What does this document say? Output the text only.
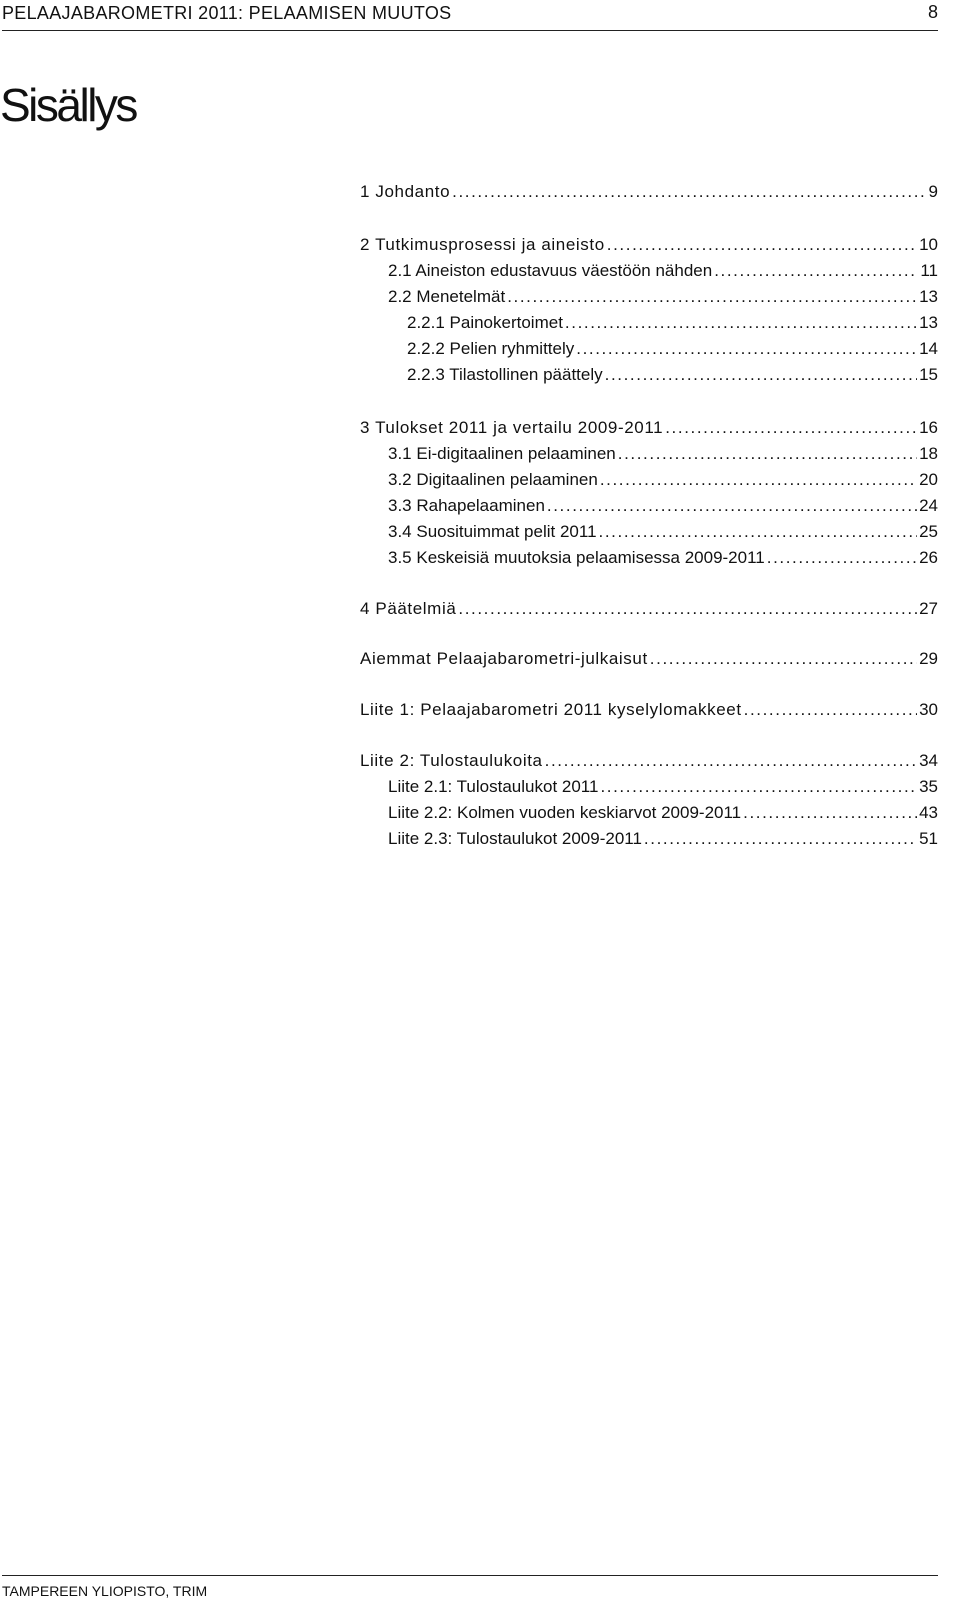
PELAAJABAROMETRI 2011: PELAAMISEN MUUTOS	8
Sisällys
1 Johdanto .....	9
2 Tutkimusprosessi ja aineisto .....	10
2.1 Aineiston edustavuus väestöön nähden .....	11
2.2 Menetelmät .....	13
2.2.1 Painokertoimet .....	13
2.2.2 Pelien ryhmittely .....	14
2.2.3 Tilastollinen päättely .....	15
3 Tulokset 2011 ja vertailu 2009-2011 .....	16
3.1 Ei-digitaalinen pelaaminen .....	18
3.2 Digitaalinen pelaaminen .....	20
3.3 Rahapelaaminen .....	24
3.4 Suosituimmat pelit 2011 .....	25
3.5 Keskeisiä muutoksia pelaamisessa 2009-2011 .....	26
4 Päätelmiä .....	27
Aiemmat Pelaajabarometri-julkaisut .....	29
Liite 1: Pelaajabarometri 2011 kyselylomakkeet .....	30
Liite 2: Tulostaulukoita .....	34
Liite 2.1: Tulostaulukot 2011 .....	35
Liite 2.2: Kolmen vuoden keskiarvot 2009-2011 .....	43
Liite 2.3: Tulostaulukot 2009-2011 .....	51
TAMPEREEN YLIOPISTO, TRIM
